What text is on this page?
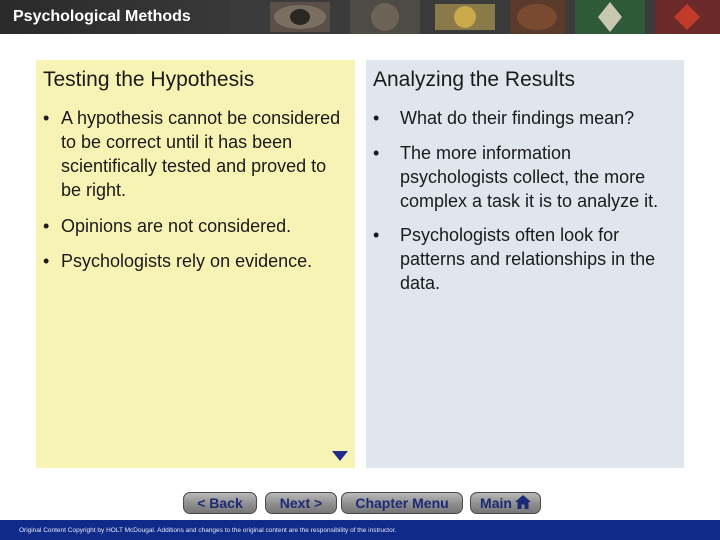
Psychological Methods
Testing the Hypothesis
• A hypothesis cannot be considered to be correct until it has been scientifically tested and proved to be right.
• Opinions are not considered.
• Psychologists rely on evidence.
Analyzing the Results
• What do their findings mean?
• The more information psychologists collect, the more complex a task it is to analyze it.
• Psychologists often look for patterns and relationships in the data.
< Back	Next >	Chapter Menu	Main
Original Content Copyright by HOLT McDougal. Additions and changes to the original content are the responsibility of the instructor.
